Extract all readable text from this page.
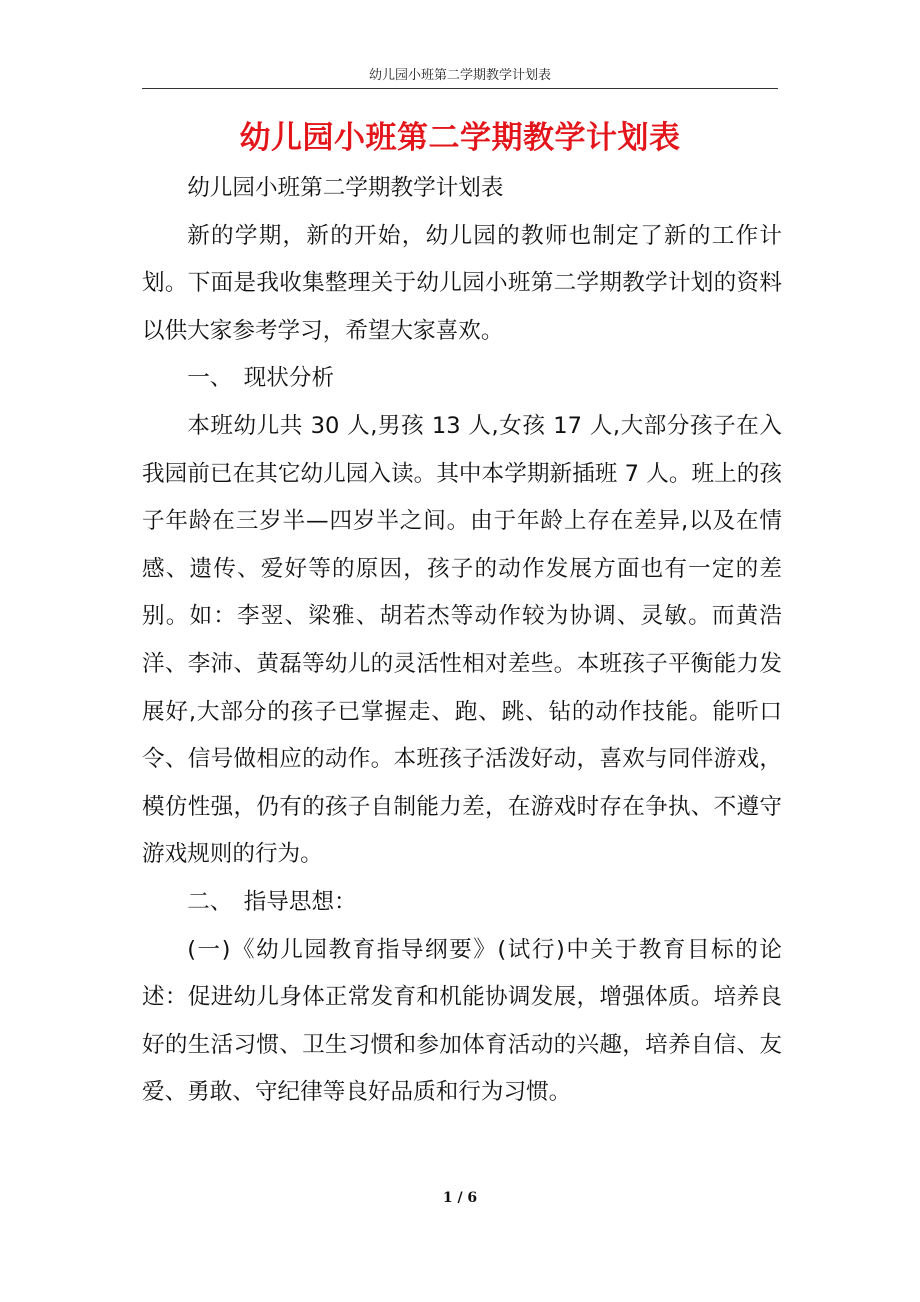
幼儿园小班第二学期教学计划表
幼儿园小班第二学期教学计划表

幼儿园小班第二学期教学计划表

新的学期，新的开始，幼儿园的教师也制定了新的工作计划。下面是我收集整理关于幼儿园小班第二学期教学计划的资料以供大家参考学习，希望大家喜欢。

一、　现状分析

本班幼儿共 30 人,男孩 13 人,女孩 17 人,大部分孩子在入我园前已在其它幼儿园入读。其中本学期新插班 7 人。班上的孩子年龄在三岁半—四岁半之间。由于年龄上存在差异,以及在情感、遗传、爱好等的原因，孩子的动作发展方面也有一定的差别。如：李翌、梁雅、胡若杰等动作较为协调、灵敏。而黄浩洋、李沛、黄磊等幼儿的灵活性相对差些。本班孩子平衡能力发展好,大部分的孩子已掌握走、跑、跳、钻的动作技能。能听口令、信号做相应的动作。本班孩子活泼好动，喜欢与同伴游戏，模仿性强，仍有的孩子自制能力差，在游戏时存在争执、不遵守游戏规则的行为。

二、　指导思想：

(一)《幼儿园教育指导纲要》(试行)中关于教育目标的论述：促进幼儿身体正常发育和机能协调发展，增强体质。培养良好的生活习惯、卫生习惯和参加体育活动的兴趣，培养自信、友爱、勇敢、守纪律等良好品质和行为习惯。

1 / 6
